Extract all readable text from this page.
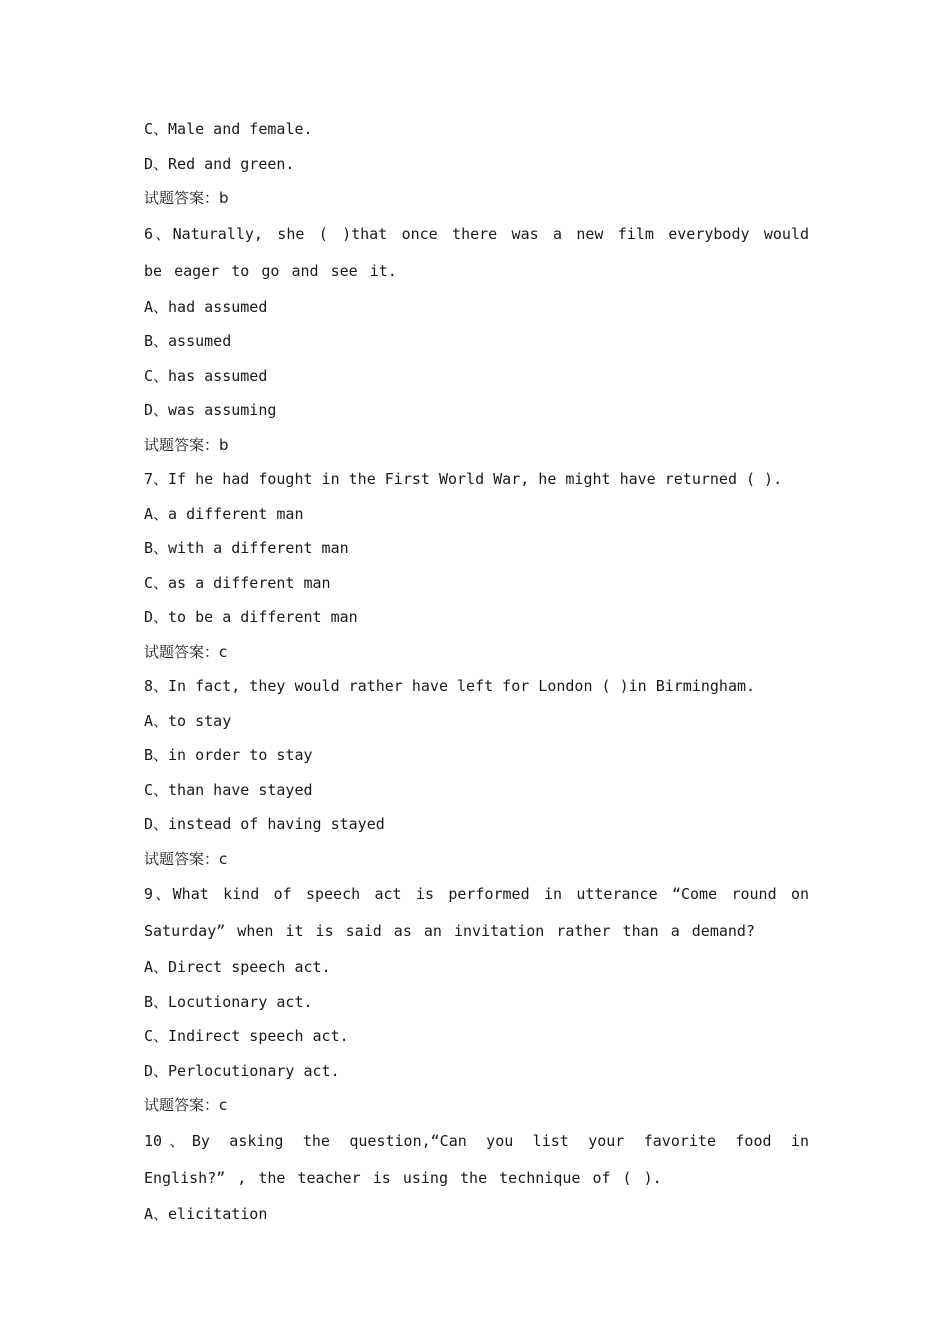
C、Male and female.
D、Red and green.
试题答案：b
6、Naturally, she ( )that once there was a new film everybody would be eager to go and see it.
A、had assumed
B、assumed
C、has assumed
D、was assuming
试题答案：b
7、If he had fought in the First World War, he might have returned ( ).
A、a different man
B、with a different man
C、as a different man
D、to be a different man
试题答案：c
8、In fact, they would rather have left for London ( )in Birmingham.
A、to stay
B、in order to stay
C、than have stayed
D、instead of having stayed
试题答案：c
9、What kind of speech act is performed in utterance “Come round on Saturday” when it is said as an invitation rather than a demand?
A、Direct speech act.
B、Locutionary act.
C、Indirect speech act.
D、Perlocutionary act.
试题答案：c
10、By asking the question,“Can you list your favorite food in English?” , the teacher is using the technique of ( ).
A、elicitation
